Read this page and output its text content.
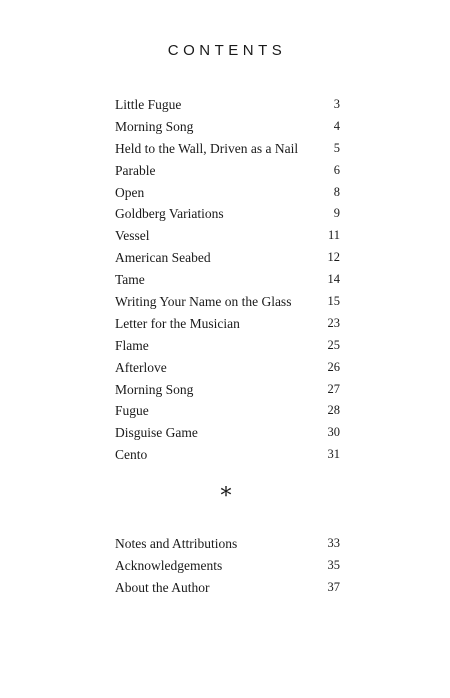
CONTENTS
Little Fugue	3
Morning Song	4
Held to the Wall, Driven as a Nail	5
Parable	6
Open	8
Goldberg Variations	9
Vessel	11
American Seabed	12
Tame	14
Writing Your Name on the Glass	15
Letter for the Musician	23
Flame	25
Afterlove	26
Morning Song	27
Fugue	28
Disguise Game	30
Cento	31
*
Notes and Attributions	33
Acknowledgements	35
About the Author	37
